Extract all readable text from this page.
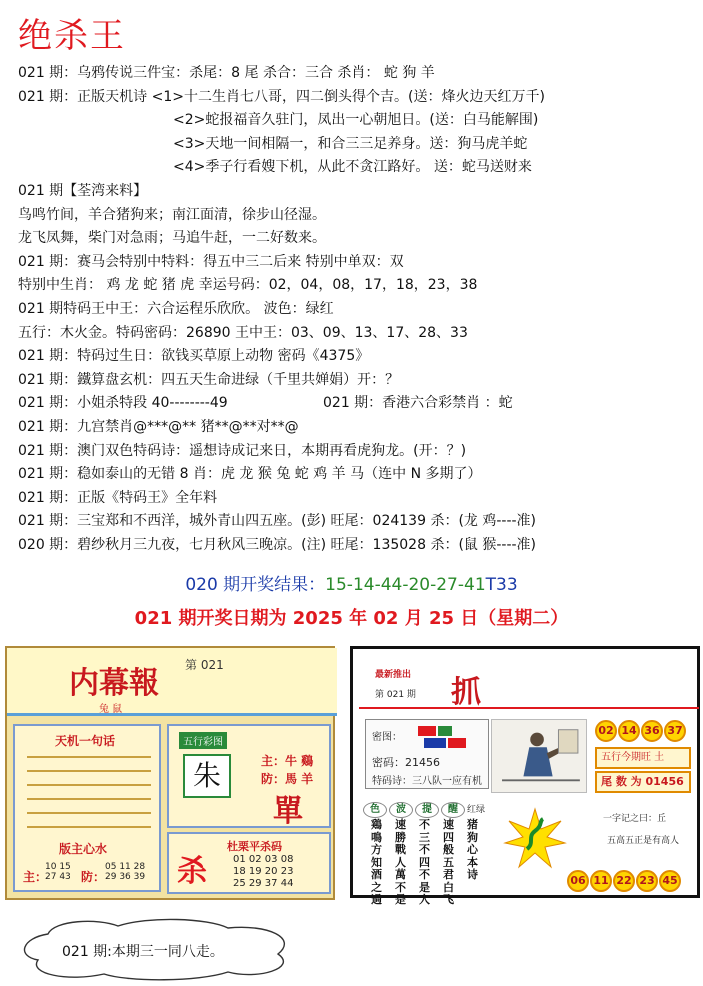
绝杀王
021 期：乌鸦传说三件宝：杀尾：8 尾 杀合：三合 杀肖： 蛇 狗 羊
021 期：正版天机诗 <1>十二生肖七八哥，四二倒头得个吉。(送：烽火边天红万千)
<2>蛇报福音久驻门，凤出一心朝旭日。(送：白马能解围)
<3>天地一间相隔一，和合三三足养身。送：狗马虎羊蛇
<4>季子行看嫂下机，从此不贪江路好。 送：蛇马送财来
021 期【荃湾来料】
鸟鸣竹间，羊合猪狗来；南江面清，徐步山径湿。
龙飞凤舞，柴门对急雨；马追牛赶，一二好数来。
021 期：赛马会特别中特料：得五中三二后来 特别中单双：双
特别中生肖： 鸡 龙 蛇 猪 虎 幸运号码：02，04，08，17，18，23，38
021 期特码王中王：六合运程乐欣欣。 波色：绿红
五行：木火金。特码密码：26890 王中王：03、09、13、17、28、33
021 期：特码过生日：欲钱买草原上动物 密码《4375》
021 期：鐵算盘玄机：四五天生命进绿（千里共婵娟）开：？
021 期：小姐杀特段 40--------49	021 期：香港六合彩禁肖 ：蛇
021 期：九宫禁肖@***@** 猪**@**对**@
021 期：澳门双色特码诗：遥想诗成记来日，本期再看虎狗龙。(开：？)
021 期：稳如泰山的无错 8 肖：虎 龙 猴 兔 蛇 鸡 羊 马（连中 N 多期了）
021 期：正版《特码王》全年料
021 期：三宝郑和不西洋，城外青山四五座。(彭) 旺尾：024139 杀：(龙 鸡----准)
020 期：碧纱秋月三九夜，七月秋风三晚凉。(注) 旺尾：135028 杀：(鼠 猴----准)
020 期开奖结果：15-14-44-20-27-41T33
021 期开奖日期为 2025 年 02 月 25 日（星期二）
内幕報
第 021
兔 鼠
天机一句话
版主心水
主：
10 15
27 43 防：
05 11 28
29 36 39
五行彩图
朱	主：牛 鷄
防：馬 羊
單
杀
杜栗平杀码
01 02 03 08
18 19 20 23
25 29 37 44
最新推出
第 021 期 抓
密图：
密码：21456
特码诗：三八队一应有机
02 14 36 37
五行今期旺 土
尾 数 为 01456
色 波 提 醒 红绿
鶏鳴方知酒之過
速勝戰人萬不是
不三不四不是人
速四般五君白飞
猪狗心本诗
一字记之曰：丘
五高五正是有高人
06 11 22 23 45
021 期:本期三一同八走。
